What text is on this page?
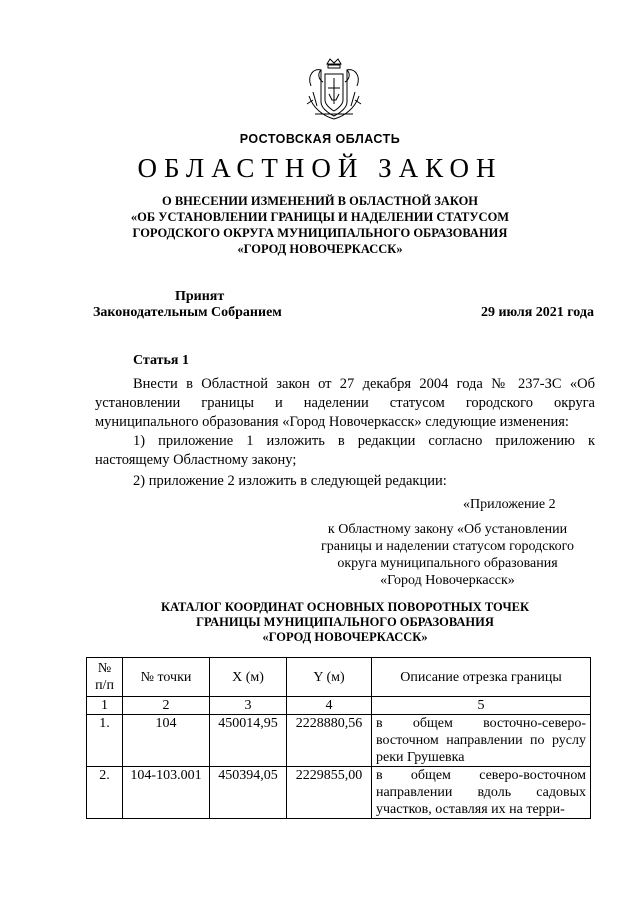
РОСТОВСКАЯ ОБЛАСТЬ
ОБЛАСТНОЙ ЗАКОН
О ВНЕСЕНИИ ИЗМЕНЕНИЙ В ОБЛАСТНОЙ ЗАКОН
«ОБ УСТАНОВЛЕНИИ ГРАНИЦЫ И НАДЕЛЕНИИ СТАТУСОМ
ГОРОДСКОГО ОКРУГА МУНИЦИПАЛЬНОГО ОБРАЗОВАНИЯ
«ГОРОД НОВОЧЕРКАССК»
Принят
Законодательным Собранием	29 июля 2021 года
Статья 1
Внести в Областной закон от 27 декабря 2004 года № 237-ЗС «Об установлении границы и наделении статусом городского округа муниципального образования «Город Новочеркасск» следующие изменения:
1) приложение 1 изложить в редакции согласно приложению к настоящему Областному закону;
2) приложение 2 изложить в следующей редакции:
«Приложение 2
к Областному закону «Об установлении
границы и наделении статусом городского
округа муниципального образования
«Город Новочеркасск»
КАТАЛОГ КООРДИНАТ ОСНОВНЫХ ПОВОРОТНЫХ ТОЧЕК
ГРАНИЦЫ МУНИЦИПАЛЬНОГО ОБРАЗОВАНИЯ
«ГОРОД НОВОЧЕРКАССК»
№ п/п	№ точки	X (м)	Y (м)	Описание отрезка границы
1	2	3	4	5
1.	104	450014,95	2228880,56	в общем восточно-северо-восточном направлении по руслу реки Грушевка
2.	104-103.001	450394,05	2229855,00	в общем северо-восточном направлении вдоль садовых участков, оставляя их на терри-
